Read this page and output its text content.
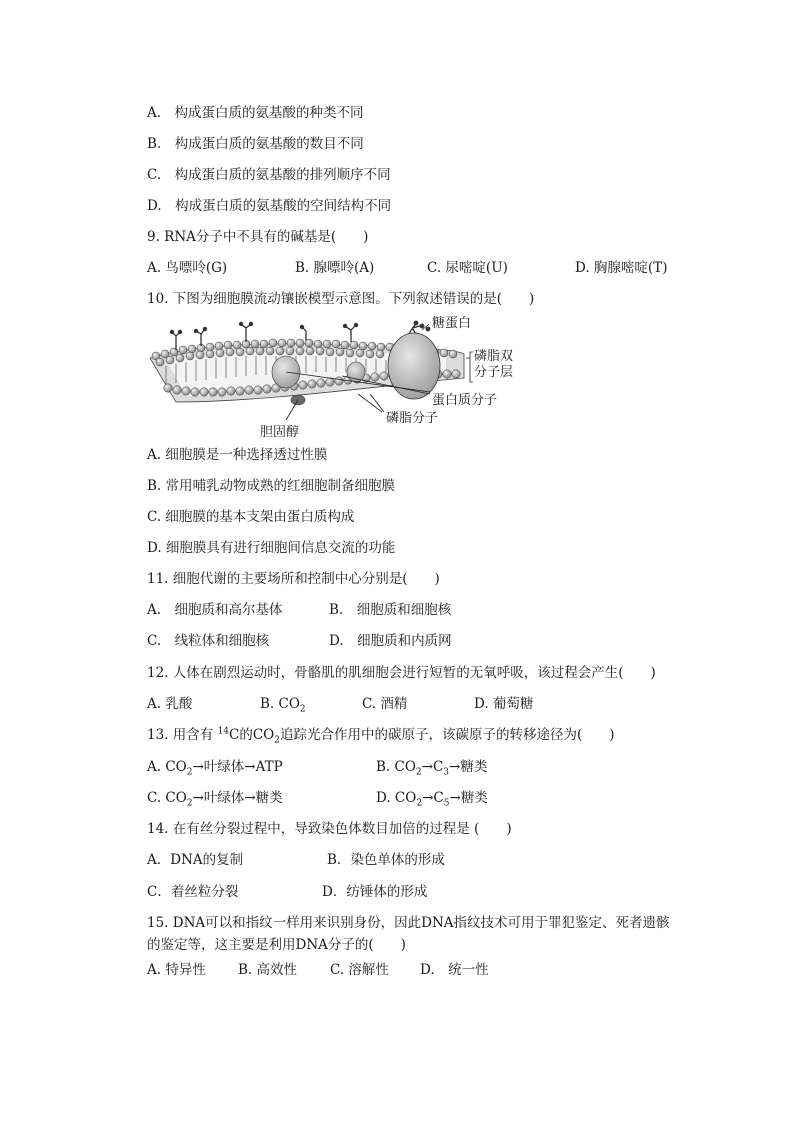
A.　构成蛋白质的氨基酸的种类不同
B.　构成蛋白质的氨基酸的数目不同
C.　构成蛋白质的氨基酸的排列顺序不同
D.　构成蛋白质的氨基酸的空间结构不同
9. RNA分子中不具有的碱基是(　　)
A. 鸟嘌呤(G)	B. 腺嘌呤(A)	C. 尿嘧啶(U)	D. 胸腺嘧啶(T)
10. 下图为细胞膜流动镶嵌模型示意图。下列叙述错误的是(　　)
糖蛋白
磷脂双
分子层
蛋白质分子
磷脂分子
胆固醇
A. 细胞膜是一种选择透过性膜
B. 常用哺乳动物成熟的红细胞制备细胞膜
C. 细胞膜的基本支架由蛋白质构成
D. 细胞膜具有进行细胞间信息交流的功能
11. 细胞代谢的主要场所和控制中心分别是(　　)
A.　细胞质和高尔基体	B.　细胞质和细胞核
C.　线粒体和细胞核	D.　细胞质和内质网
12. 人体在剧烈运动时，骨骼肌的肌细胞会进行短暂的无氧呼吸，该过程会产生(　　)
A. 乳酸	B. $CO_2$	C. 酒精	D. 葡萄糖
13. 用含有 $^{14}$C的$CO_2$追踪光合作用中的碳原子，该碳原子的转移途径为(　　)
A. $CO_2\to$叶绿体→ATP	B. $CO_2\to C_3\to$糖类
C. $CO_2\to$叶绿体→糖类	D. $CO_2\to C_5\to$糖类
14. 在有丝分裂过程中，导致染色体数目加倍的过程是 (　　)
A．DNA的复制	B．染色单体的形成
C．着丝粒分裂	D．纺锤体的形成
15. DNA可以和指纹一样用来识别身份，因此DNA指纹技术可用于罪犯鉴定、死者遗骸
的鉴定等，这主要是利用DNA分子的(　　)
A. 特异性 B. 高效性 C. 溶解性 D.　统一性
